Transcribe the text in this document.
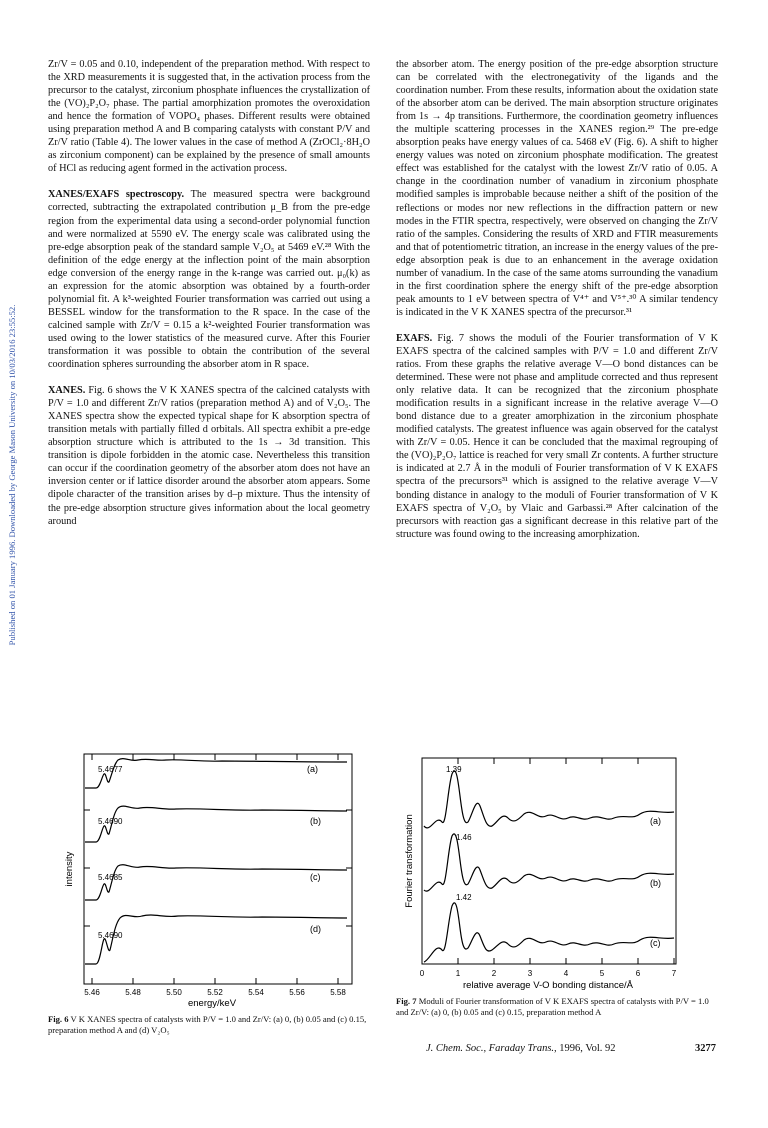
Published on 01 January 1996. Downloaded by George Mason University on 10/03/2016 23:55:52.

Zr/V = 0.05 and 0.10, independent of the preparation method. With respect to the XRD measurements it is suggested that, in the activation process from the precursor to the catalyst, zirconium phosphate influences the crystallization of the (VO)₂P₂O₇ phase. The partial amorphization promotes the overoxidation and hence the formation of VOPO₄ phases. Different results were obtained using preparation method A and B comparing catalysts with constant P/V and Zr/V ratio (Table 4). The lower values in the case of method A (ZrOCl₂·8H₂O as zirconium component) can be explained by the presence of small amounts of HCl as reducing agent formed in the activation process.

XANES/EXAFS spectroscopy. The measured spectra were background corrected, subtracting the extrapolated contribution μ_B from the pre-edge region from the experimental data using a second-order polynomial function and were normalized at 5590 eV. The energy scale was calibrated using the pre-edge absorption peak of the standard sample V₂O₅ at 5469 eV.²⁸ With the definition of the edge energy at the inflection point of the main absorption edge conversion of the energy range in the k-range was carried out. μ₀(k) as an expression for the atomic absorption was obtained by a fourth-order polynomial fit. A k³-weighted Fourier transformation was carried out using a BESSEL window for the transformation to the R space. In the case of the calcined sample with Zr/V = 0.15 a k²-weighted Fourier transformation was used owing to the lower statistics of the measured curve. After this Fourier transformation it was possible to obtain the contribution of the several coordination spheres surrounding the absorber atom in R space.

XANES. Fig. 6 shows the V K XANES spectra of the calcined catalysts with P/V = 1.0 and different Zr/V ratios (preparation method A) and of V₂O₅. The XANES spectra show the expected typical shape for K absorption spectra of transition metals with partially filled d orbitals. All spectra exhibit a pre-edge absorption structure which is attributed to the 1s → 3d transition. This transition is dipole forbidden in the atomic case. Nevertheless this transition can occur if the coordination geometry of the absorber atom does not have an inversion center or if lattice disorder around the absorber atom appears. Some dipole character of the transition arises by d–p mixture. Thus the intensity of the pre-edge absorption structure gives information about the local geometry around

the absorber atom. The energy position of the pre-edge absorption structure can be correlated with the electronegativity of the ligands and the coordination number. From these results, information about the oxidation state of the absorber atom can be derived. The main absorption structure originates from 1s → 4p transitions. Furthermore, the coordination geometry influences the multiple scattering processes in the XANES region.²⁹ The pre-edge absorption peaks have energy values of ca. 5468 eV (Fig. 6). A shift to higher energy values was noted on zirconium phosphate modification. The greatest effect was established for the catalyst with the lowest Zr/V ratio of 0.05. A change in the coordination number of vanadium in zirconium phosphate modified samples is improbable because neither a shift of the position of the reflections or modes nor new reflections in the diffraction pattern or new modes in the FTIR spectra, respectively, were observed on changing the Zr/V ratio of the samples. Considering the results of XRD and FTIR measurements and that of potentiometric titration, an increase in the energy values of the pre-edge absorption peak is due to an enhancement in the average oxidation number of vanadium. In the case of the same atoms surrounding the vanadium in the first coordination sphere the energy shift of the pre-edge absorption peak amounts to 1 eV between spectra of V⁴⁺ and V⁵⁺.³⁰ A similar tendency is indicated in the V K XANES spectra of the precursor.³¹

EXAFS. Fig. 7 shows the moduli of the Fourier transformation of V K EXAFS spectra of the calcined samples with P/V = 1.0 and different Zr/V ratios. From these graphs the relative average V—O bond distances can be determined. These were not phase and amplitude corrected and thus represent only relative data. It can be recognized that the zirconium phosphate modification results in a significant increase in the relative average V—O bond distance due to a greater amorphization in the zirconium phosphate modified catalysts. The greatest influence was again observed for the catalyst with Zr/V = 0.05. Hence it can be concluded that the maximal regrouping of the (VO)₂P₂O₇ lattice is reached for very small Zr contents. A further structure is indicated at 2.7 Å in the moduli of Fourier transformation of V K EXAFS spectra of the precursors³¹ which is assigned to the relative average V—V bonding distance in analogy to the moduli of Fourier transformation of V K EXAFS spectra of V₂O₅ by Vlaic and Garbassi.²⁸ After calcination of the precursors with reaction gas a significant decrease in this relative part of the structure was found owing to the increasing amorphization.

(a)
(b)
(c)
(d)
5.4677
5.4690
5.4685
5.4690
5.46	5.48	5.50	5.52	5.54	5.56	5.58
energy/keV
intensity
Fig. 6 V K XANES spectra of catalysts with P/V = 1.0 and Zr/V: (a) 0, (b) 0.05 and (c) 0.15, preparation method A and (d) V₂O₅
1.39
1.46
1.42
(a)
(b)
(c)
0	1	2	3	4	5	6	7
relative average V-O bonding distance/Å
Fourier transformation
Fig. 7 Moduli of Fourier transformation of V K EXAFS spectra of catalysts with P/V = 1.0 and Zr/V: (a) 0, (b) 0.05 and (c) 0.15, preparation method A
J. Chem. Soc., Faraday Trans., 1996, Vol. 92	3277
